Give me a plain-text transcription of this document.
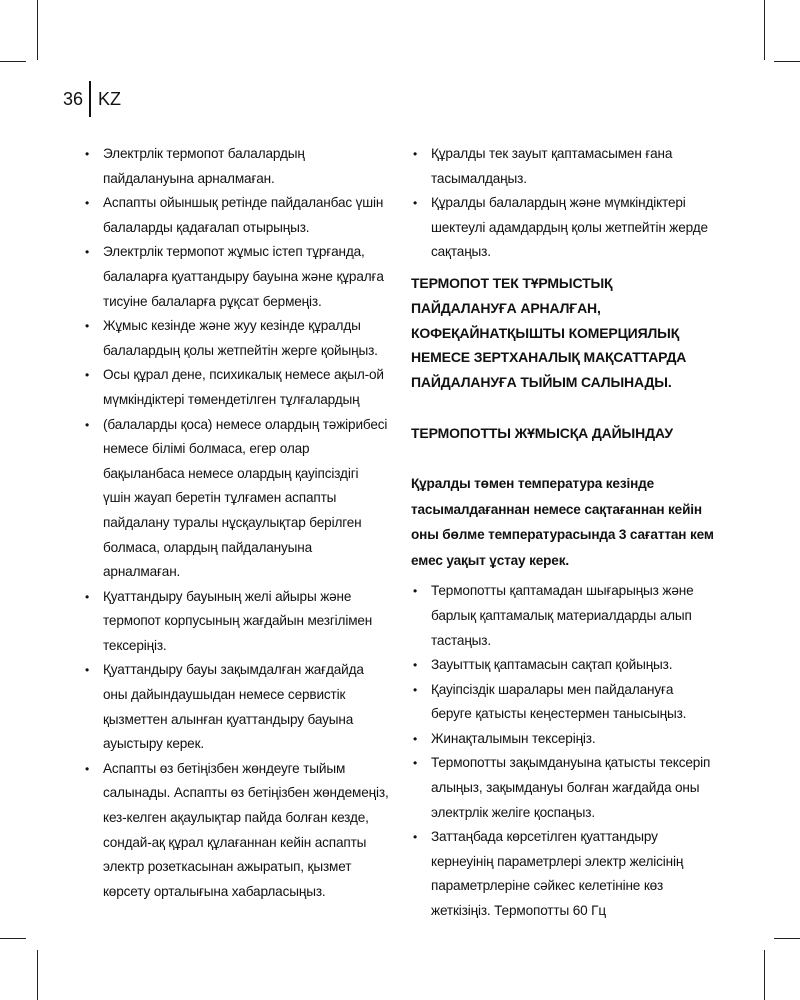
36 KZ
• Электрлік термопот балалардың пайдалануына арналмаған.
• Аспапты ойыншық ретінде пайдаланбас үшін балаларды қадағалап отырыңыз.
• Электрлік термопот жұмыс істеп тұрғанда, балаларға қуаттандыру бауына және құралға тисуіне балаларға рұқсат бермеңіз.
• Жұмыс кезінде және жуу кезінде құралды балалардың қолы жетпейтін жерге қойыңыз.
• Осы құрал дене, психикалық немесе ақыл-ой мүмкіндіктері төмендетілген тұлғалардың
• (балаларды қоса) немесе олардың тәжірибесі немесе білімі болмаса, егер олар бақыланбаса немесе олардың қауіпсіздігі үшін жауап беретін тұлғамен аспапты пайдалану туралы нұсқаулықтар берілген болмаса, олардың пайдалануына арналмаған.
• Қуаттандыру бауының желі айыры және термопот корпусының жағдайын мезгілімен тексеріңіз.
• Қуаттандыру бауы зақымдалған жағдайда оны дайындаушыдан немесе сервистік қызметтен алынған қуаттандыру бауына ауыстыру керек.
• Аспапты өз бетіңізбен жөндеуге тыйым салынады. Аспапты өз бетіңізбен жөндемеңіз, кез-келген ақаулықтар пайда болған кезде, сондай-ақ құрал құлағаннан кейін аспапты электр розеткасынан ажыратып, қызмет көрсету орталығына хабарласыңыз.
• Құралды тек зауыт қаптамасымен ғана тасымалдаңыз.
• Құралды балалардың және мүмкіндіктері шектеулі адамдардың қолы жетпейтін жерде сақтаңыз.
ТЕРМОПОТ ТЕК ТҰРМЫСТЫҚ ПАЙДАЛАНУҒА АРНАЛҒАН, КОФЕҚАЙНАТҚЫШТЫ КОМЕРЦИЯЛЫҚ НЕМЕСЕ ЗЕРТХАНАЛЫҚ МАҚСАТТАРДА ПАЙДАЛАНУҒА ТЫЙЫМ САЛЫНАДЫ.
ТЕРМОПОТТЫ ЖҰМЫСҚА ДАЙЫНДАУ
Құралды төмен температура кезінде тасымалдағаннан немесе сақтағаннан кейін оны бөлме температурасында 3 сағаттан кем емес уақыт ұстау керек.
• Термопотты қаптамадан шығарыңыз және барлық қаптамалық материалдарды алып тастаңыз.
• Зауыттық қаптамасын сақтап қойыңыз.
• Қауіпсіздік шаралары мен пайдалануға беруге қатысты кеңестермен танысыңыз.
• Жинақталымын тексеріңіз.
• Термопотты зақымдануына қатысты тексеріп алыңыз, зақымдануы болған жағдайда оны электрлік желіге қоспаңыз.
• Заттаңбада көрсетілген қуаттандыру кернеуінің параметрлері электр желісінің параметрлеріне сәйкес келетініне көз жеткізіңіз. Термопотты 60 Гц
